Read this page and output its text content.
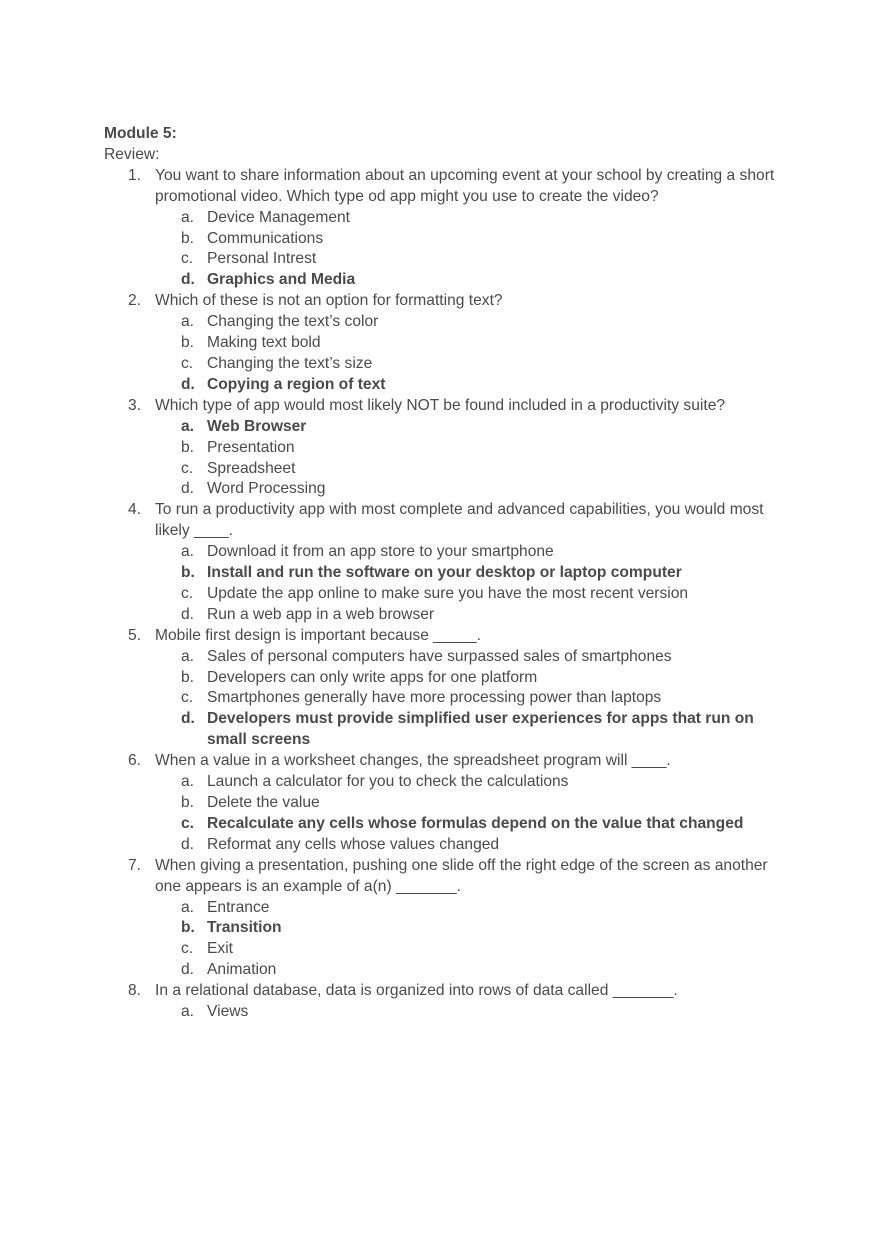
Module 5:
Review:
1. You want to share information about an upcoming event at your school by creating a short promotional video. Which type od app might you use to create the video?
a. Device Management
b. Communications
c. Personal Intrest
d. Graphics and Media
2. Which of these is not an option for formatting text?
a. Changing the text’s color
b. Making text bold
c. Changing the text’s size
d. Copying a region of text
3. Which type of app would most likely NOT be found included in a productivity suite?
a. Web Browser
b. Presentation
c. Spreadsheet
d. Word Processing
4. To run a productivity app with most complete and advanced capabilities, you would most likely ____.
a. Download it from an app store to your smartphone
b. Install and run the software on your desktop or laptop computer
c. Update the app online to make sure you have the most recent version
d. Run a web app in a web browser
5. Mobile first design is important because _____.
a. Sales of personal computers have surpassed sales of smartphones
b. Developers can only write apps for one platform
c. Smartphones generally have more processing power than laptops
d. Developers must provide simplified user experiences for apps that run on small screens
6. When a value in a worksheet changes, the spreadsheet program will ____.
a. Launch a calculator for you to check the calculations
b. Delete the value
c. Recalculate any cells whose formulas depend on the value that changed
d. Reformat any cells whose values changed
7. When giving a presentation, pushing one slide off the right edge of the screen as another one appears is an example of a(n) _______.
a. Entrance
b. Transition
c. Exit
d. Animation
8. In a relational database, data is organized into rows of data called _______.
a. Views
